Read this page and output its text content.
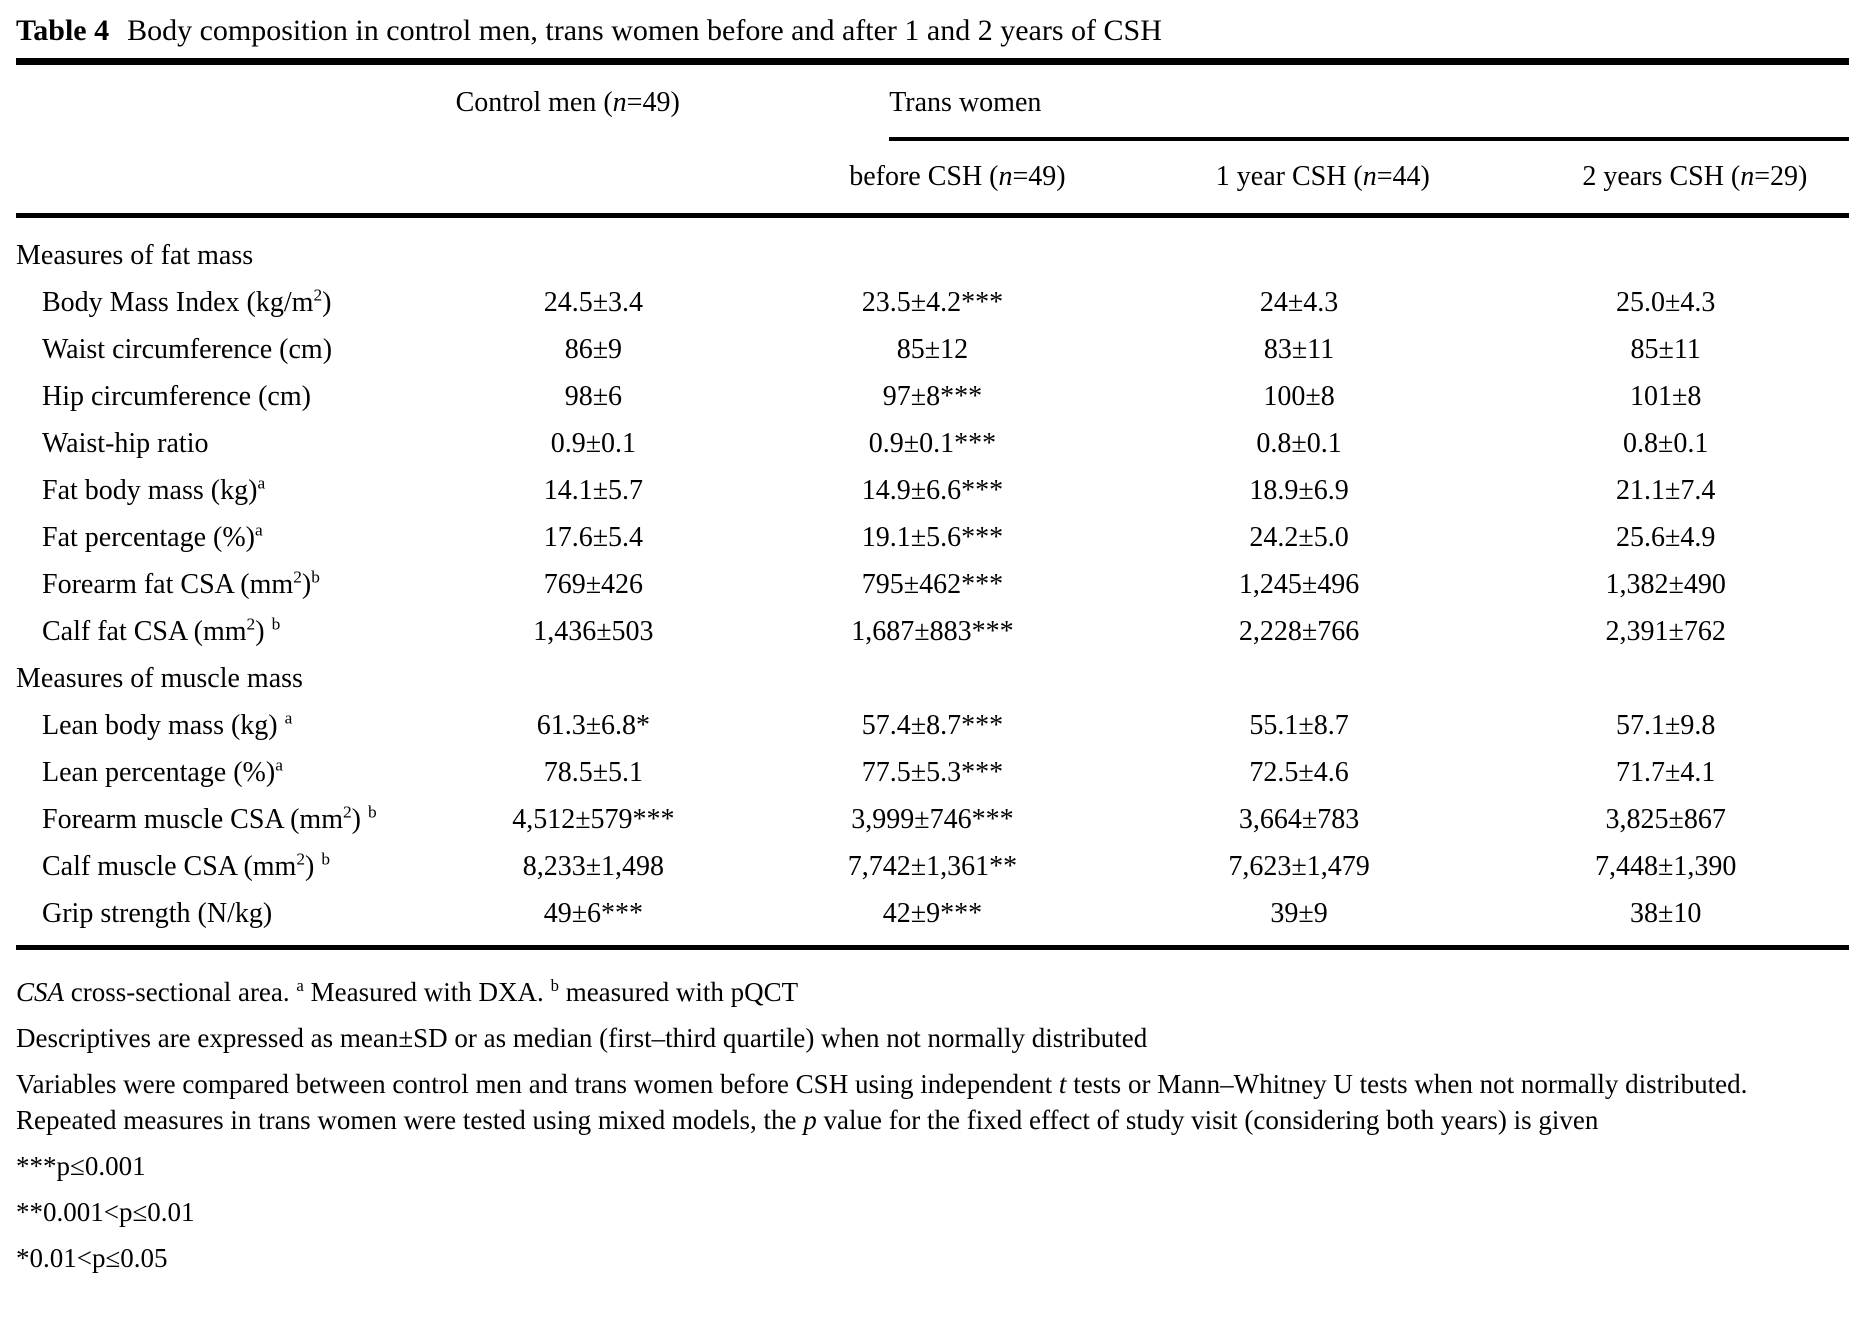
Table 4 Body composition in control men, trans women before and after 1 and 2 years of CSH
Control men (n=49)	Trans women
before CSH (n=49)	1 year CSH (n=44)	2 years CSH (n=29)
Measures of fat mass
Body Mass Index $(kg/m^2)$	24.5±3.4	23.5±4.2***	24±4.3	25.0±4.3
Waist circumference (cm)	86±9	85±12	83±11	85±11
Hip circumference (cm)	98±6	97±8***	100±8	101±8
Waist-hip ratio	0.9±0.1	0.9±0.1***	0.8±0.1	0.8±0.1
Fat body mass (kg)$^a$	14.1±5.7	14.9±6.6***	18.9±6.9	21.1±7.4
Fat percentage (%)$^a$	17.6±5.4	19.1±5.6***	24.2±5.0	25.6±4.9
Forearm fat CSA $(mm^2)^b$	769±426	795±462***	1,245±496	1,382±490
Calf fat CSA $(mm^2)$ $^b$	1,436±503	1,687±883***	2,228±766	2,391±762
Measures of muscle mass
Lean body mass (kg) $^a$	61.3±6.8*	57.4±8.7***	55.1±8.7	57.1±9.8
Lean percentage (%)$^a$	78.5±5.1	77.5±5.3***	72.5±4.6	71.7±4.1
Forearm muscle CSA $(mm^2)$ $^b$	4,512±579***	3,999±746***	3,664±783	3,825±867
Calf muscle CSA $(mm^2)$ $^b$	8,233±1,498	7,742±1,361**	7,623±1,479	7,448±1,390
Grip strength (N/kg)	49±6***	42±9***	39±9	38±10

CSA cross-sectional area. $^a$ Measured with DXA. $^b$ measured with pQCT

Descriptives are expressed as mean±SD or as median (first–third quartile) when not normally distributed

Variables were compared between control men and trans women before CSH using independent t tests or Mann–Whitney U tests when not normally distributed. Repeated measures in trans women were tested using mixed models, the p value for the fixed effect of study visit (considering both years) is given

***p≤0.001

**0.001<p≤0.01

*0.01<p≤0.05
